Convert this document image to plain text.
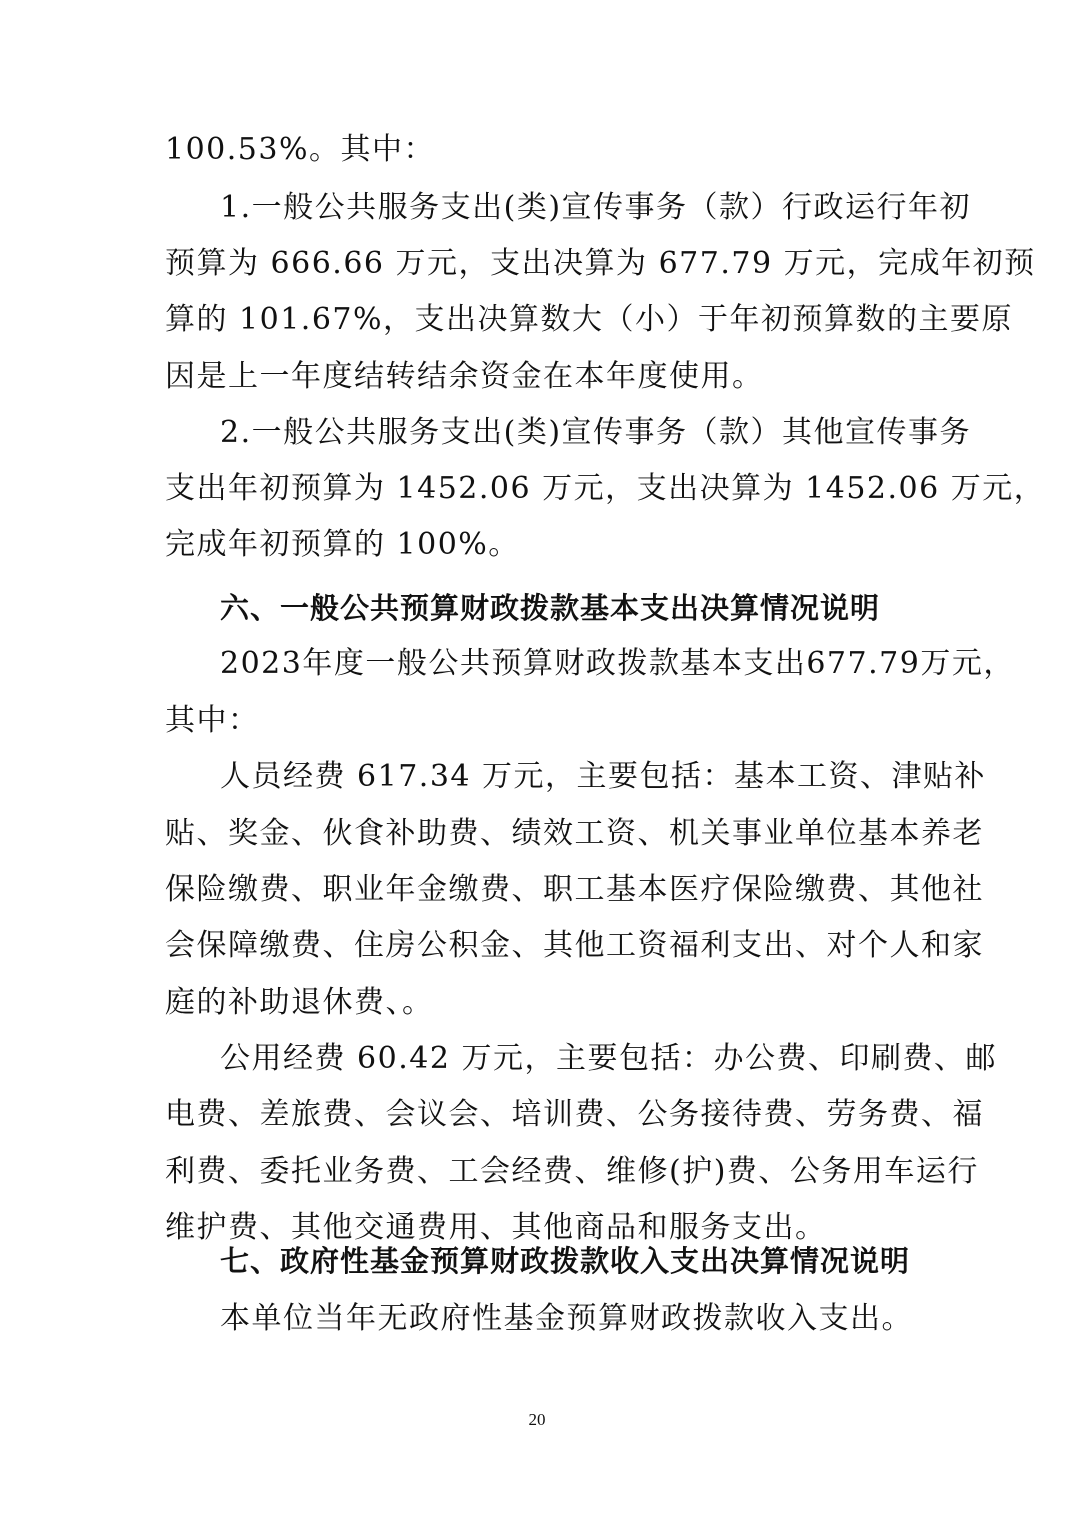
100.53%。其中：
1.一般公共服务支出(类)宣传事务（款）行政运行年初
预算为 666.66 万元，支出决算为 677.79 万元，完成年初预
算的 101.67%，支出决算数大（小）于年初预算数的主要原
因是上一年度结转结余资金在本年度使用。
2.一般公共服务支出(类)宣传事务（款）其他宣传事务
支出年初预算为 1452.06 万元，支出决算为 1452.06 万元，
完成年初预算的 100%。
六、一般公共预算财政拨款基本支出决算情况说明
2023年度一般公共预算财政拨款基本支出677.79万元，
其中：
人员经费 617.34 万元，主要包括：基本工资、津贴补
贴、奖金、伙食补助费、绩效工资、机关事业单位基本养老
保险缴费、职业年金缴费、职工基本医疗保险缴费、其他社
会保障缴费、住房公积金、其他工资福利支出、对个人和家
庭的补助退休费、。
公用经费 60.42 万元，主要包括：办公费、印刷费、邮
电费、差旅费、会议会、培训费、公务接待费、劳务费、福
利费、委托业务费、工会经费、维修(护)费、公务用车运行
维护费、其他交通费用、其他商品和服务支出。
七、政府性基金预算财政拨款收入支出决算情况说明
本单位当年无政府性基金预算财政拨款收入支出。
20
